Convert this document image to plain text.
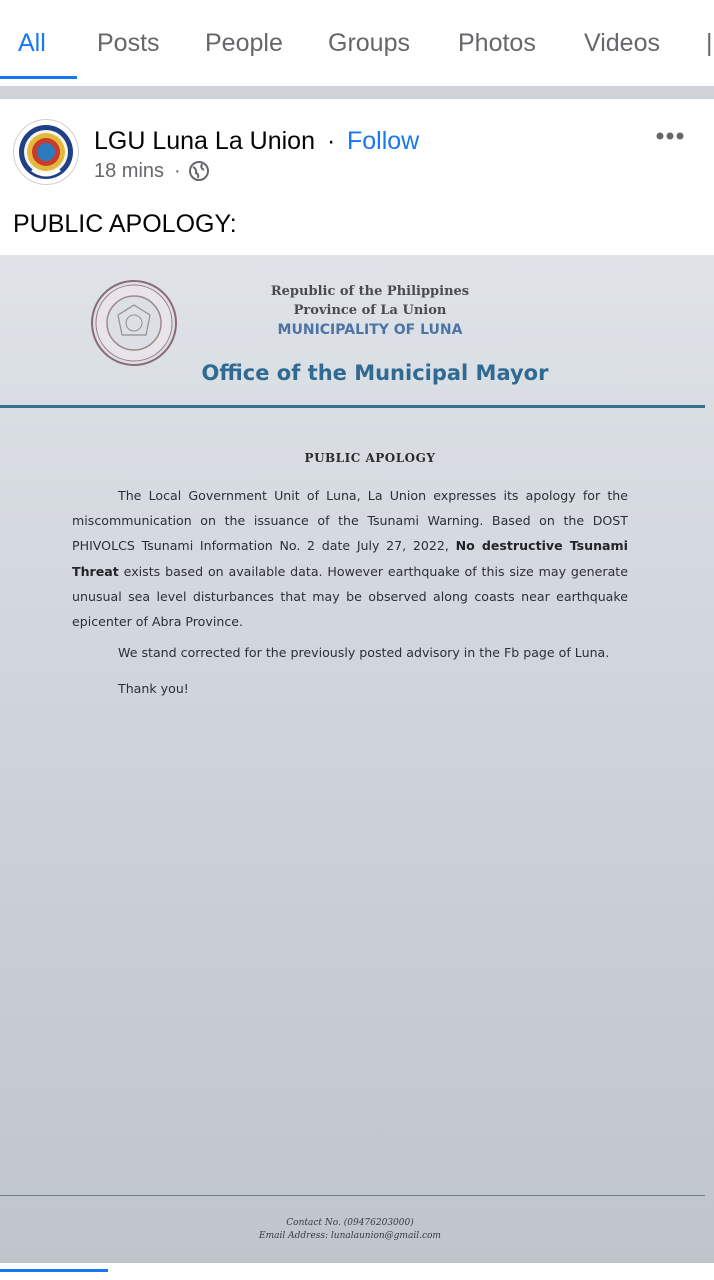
All Posts People Groups Photos Videos |
LGU Luna La Union · Follow
18 mins ·
PUBLIC APOLOGY:
Republic of the Philippines
Province of La Union
MUNICIPALITY OF LUNA
Office of the Municipal Mayor
PUBLIC APOLOGY

The Local Government Unit of Luna, La Union expresses its apology for the miscommunication on the issuance of the Tsunami Warning. Based on the DOST PHIVOLCS Tsunami Information No. 2 date July 27, 2022, No destructive Tsunami Threat exists based on available data. However earthquake of this size may generate unusual sea level disturbances that may be observed along coasts near earthquake epicenter of Abra Province.

We stand corrected for the previously posted advisory in the Fb page of Luna.
Thank you!
Contact No. (09476203000)
Email Address: lunalaunion@gmail.com
